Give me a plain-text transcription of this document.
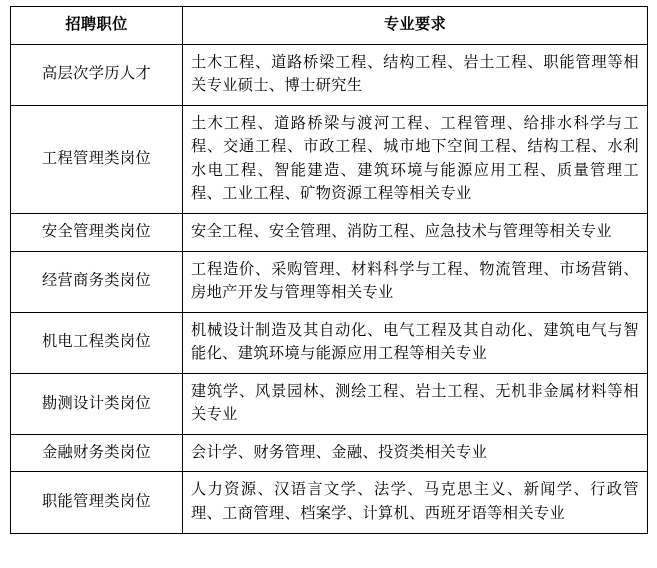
招聘职位	专业要求
高层次学历人才	土木工程、道路桥梁工程、结构工程、岩土工程、职能管理等相关专业硕士、博士研究生
工程管理类岗位	土木工程、道路桥梁与渡河工程、工程管理、给排水科学与工程、交通工程、市政工程、城市地下空间工程、结构工程、水利水电工程、智能建造、建筑环境与能源应用工程、质量管理工程、工业工程、矿物资源工程等相关专业
安全管理类岗位	安全工程、安全管理、消防工程、应急技术与管理等相关专业
经营商务类岗位	工程造价、采购管理、材料科学与工程、物流管理、市场营销、房地产开发与管理等相关专业
机电工程类岗位	机械设计制造及其自动化、电气工程及其自动化、建筑电气与智能化、建筑环境与能源应用工程等相关专业
勘测设计类岗位	建筑学、风景园林、测绘工程、岩土工程、无机非金属材料等相关专业
金融财务类岗位	会计学、财务管理、金融、投资类相关专业
职能管理类岗位	人力资源、汉语言文学、法学、马克思主义、新闻学、行政管理、工商管理、档案学、计算机、西班牙语等相关专业
